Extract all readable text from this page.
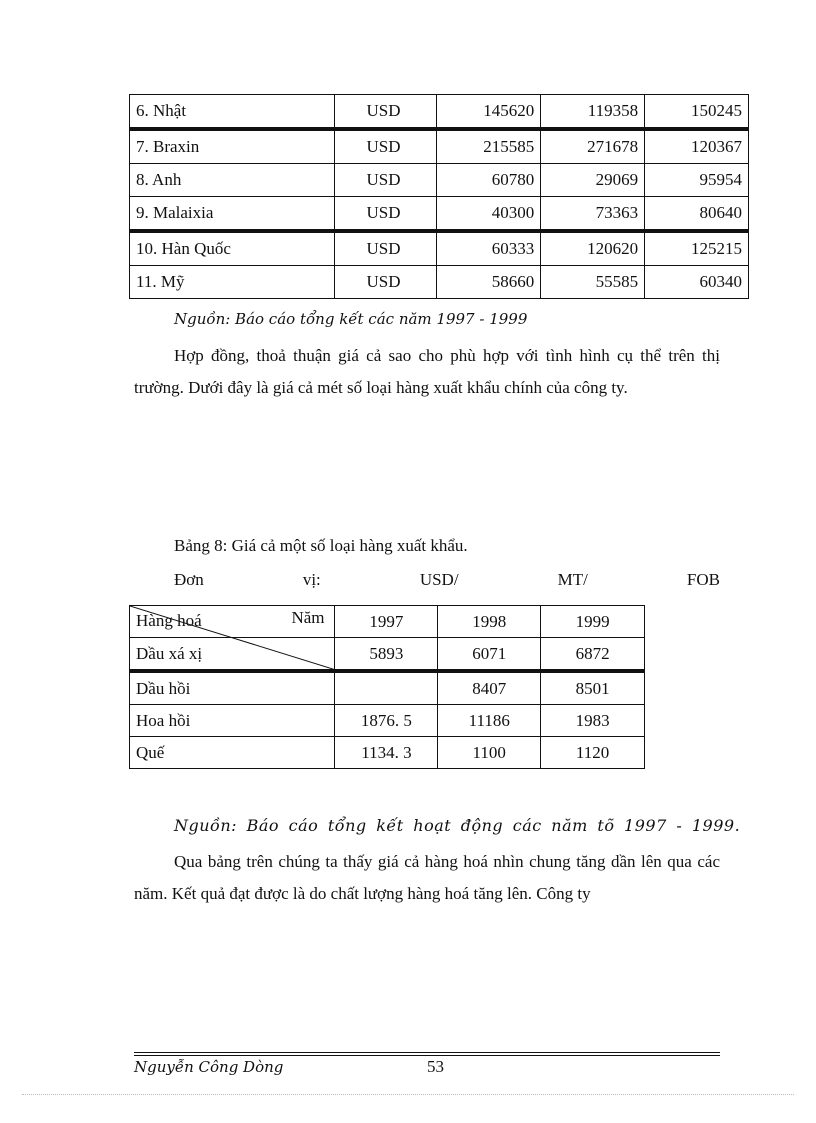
6. Nhật	USD	145620	119358	150245
7. Braxin	USD	215585	271678	120367
8. Anh	USD	60780	29069	95954
9. Malaixia	USD	40300	73363	80640
10. Hàn Quốc	USD	60333	120620	125215
11. Mỹ	USD	58660	55585	60340
Nguồn: Báo cáo tổng kết các năm 1997 - 1999
Hợp đồng, thoả thuận giá cả sao cho phù hợp với tình hình cụ thể trên thị trường. Dưới đây là giá cả mét số loại hàng xuất khẩu chính của công ty.
Bảng 8: Giá cả một số loại hàng xuất khẩu.
Đơn	vị:	USD/	MT/	FOB
Năm
Hàng hoá	1997	1998	1999
Dầu xá xị	5893	6071	6872
Dầu hồi		8407	8501
Hoa hồi	1876. 5	11186	1983
Quế	1134. 3	1100	1120
Nguồn: Báo cáo tổng kết hoạt động các năm tõ 1997 - 1999.
Qua bảng trên chúng ta thấy giá cả hàng hoá nhìn chung tăng dần lên qua các năm. Kết quả đạt được là do chất lượng hàng hoá tăng lên. Công ty
Nguyễn Công Dòng	53
